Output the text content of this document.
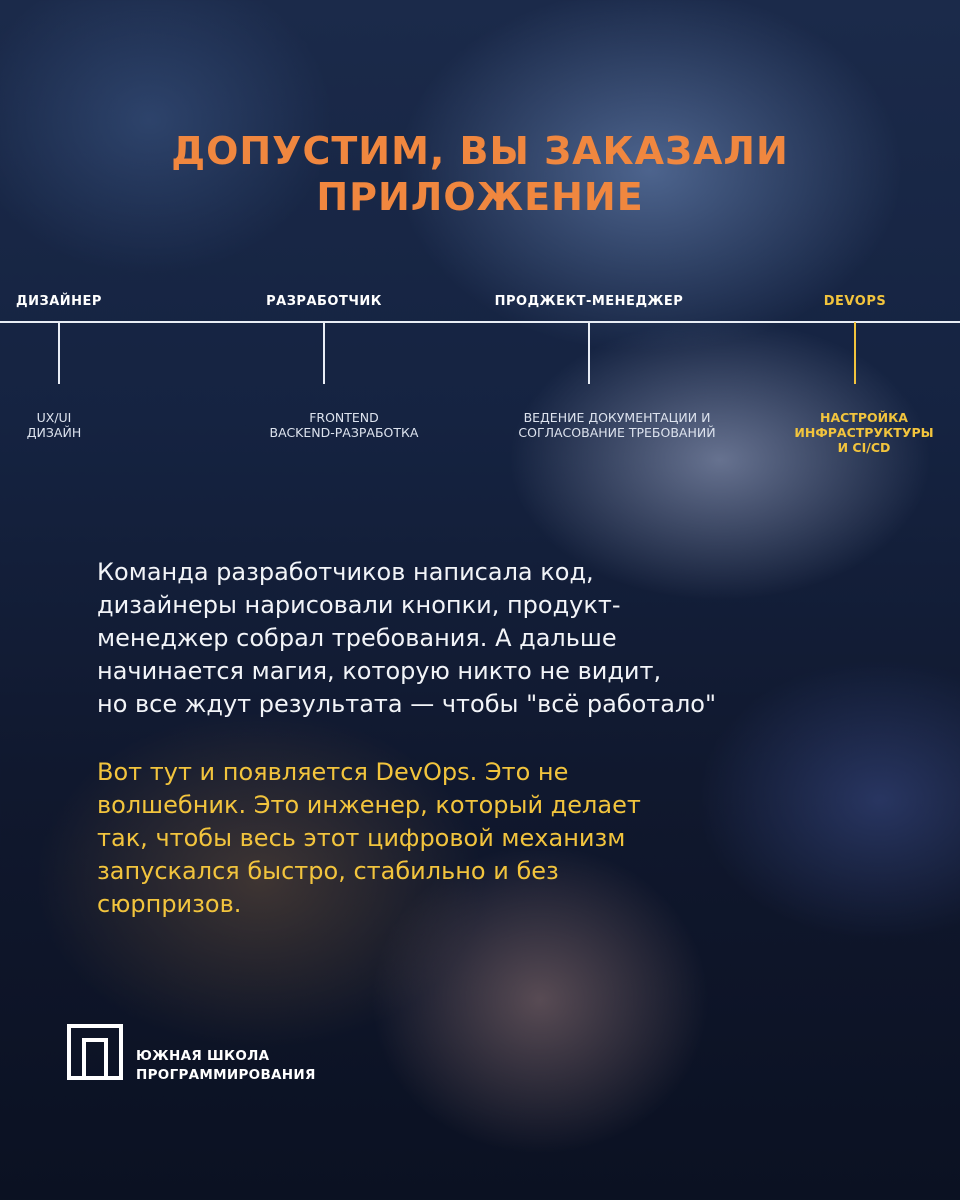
ДОПУСТИМ, ВЫ ЗАКАЗАЛИ
ПРИЛОЖЕНИЕ
ДИЗАЙНЕР
UX/UI
ДИЗАЙН
РАЗРАБОТЧИК
FRONTEND
BACKEND-РАЗРАБОТКА
ПРОДЖЕКТ-МЕНЕДЖЕР
ВЕДЕНИЕ ДОКУМЕНТАЦИИ И
СОГЛАСОВАНИЕ ТРЕБОВАНИЙ
DEVOPS
НАСТРОЙКА
ИНФРАСТРУКТУРЫ
И CI/CD
Команда разработчиков написала код,
дизайнеры нарисовали кнопки, продукт-
менеджер собрал требования. А дальше
начинается магия, которую никто не видит,
но все ждут результата — чтобы "всё работало"
Вот тут и появляется DevOps. Это не
волшебник. Это инженер, который делает
так, чтобы весь этот цифровой механизм
запускался быстро, стабильно и без
сюрпризов.
ЮЖНАЯ ШКОЛА
ПРОГРАММИРОВАНИЯ
